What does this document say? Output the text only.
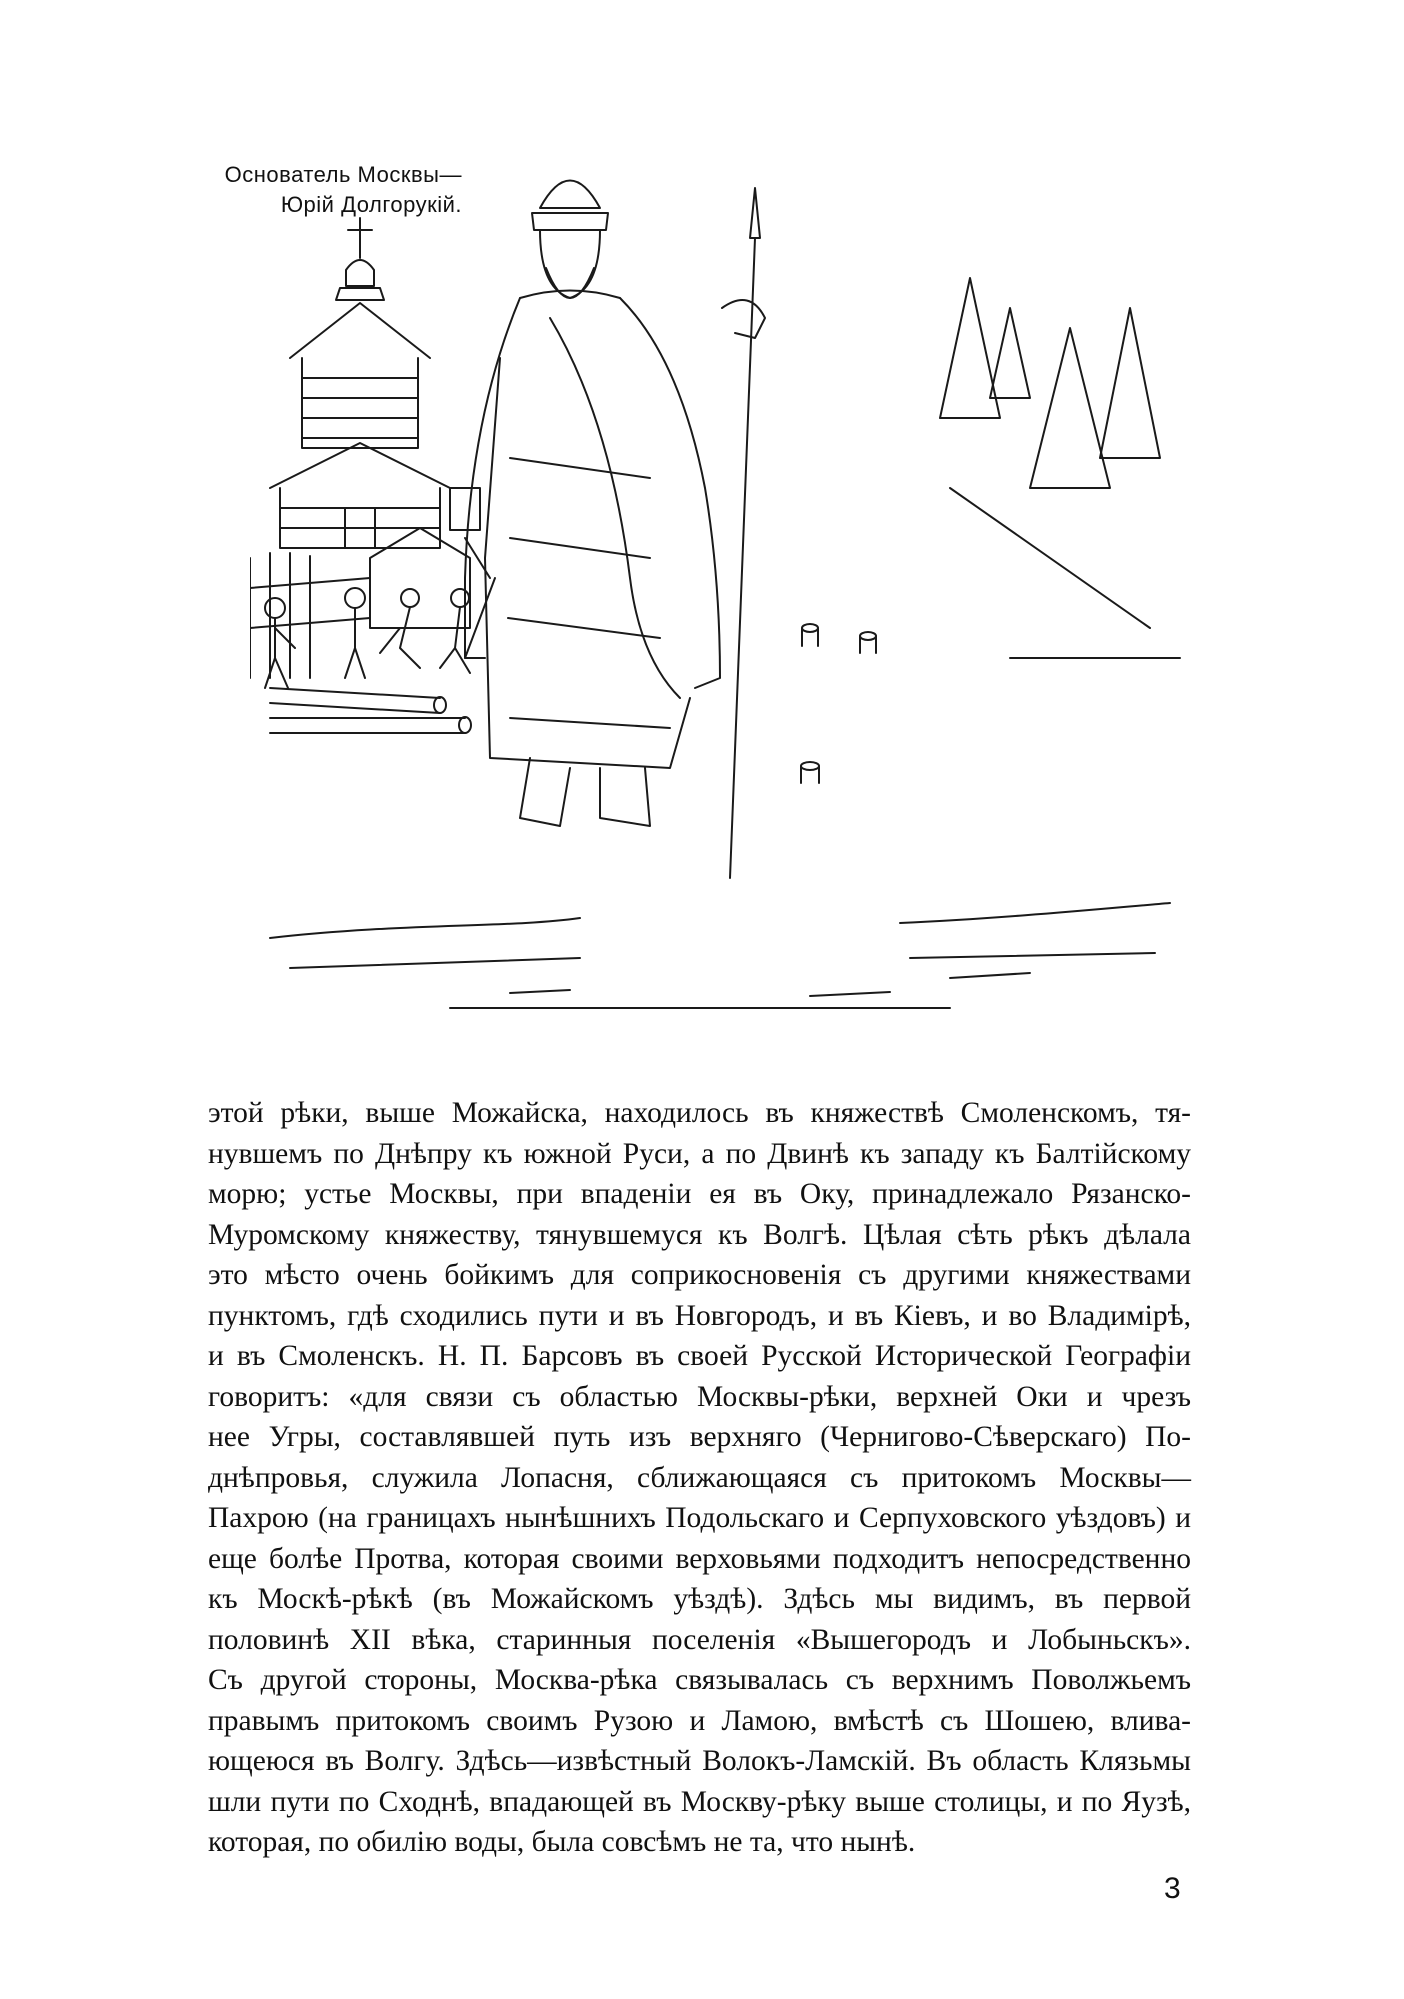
Основатель Москвы—
Юрій Долгорукій.
этой рѣки, выше Можайска, находилось въ княжествѣ Смоленскомъ, тя-
нувшемъ по Днѣпру къ южной Руси, а по Двинѣ къ западу къ Балтійскому
морю; устье Москвы, при впаденіи ея въ Оку, принадлежало Рязанско-
Муромскому княжеству, тянувшемуся къ Волгѣ. Цѣлая сѣть рѣкъ дѣлала
это мѣсто очень бойкимъ для соприкосновенія съ другими княжествами
пунктомъ, гдѣ сходились пути и въ Новгородъ, и въ Кіевъ, и во Владимірѣ,
и въ Смоленскъ. Н. П. Барсовъ въ своей Русской Исторической Географіи
говоритъ: «для связи съ областью Москвы-рѣки, верхней Оки и чрезъ
нее Угры, составлявшей путь изъ верхняго (Черниговo-Сѣверскаго) По-
днѣпровья, служила Лопасня, сближающаяся съ притокомъ Москвы—
Пахрою (на границахъ нынѣшнихъ Подольскаго и Серпуховского уѣздовъ) и
еще болѣе Протва, которая своими верховьями подходитъ непосредственно
къ Москѣ-рѣкѣ (въ Можайскомъ уѣздѣ). Здѣсь мы видимъ, въ первой
половинѣ XII вѣка, старинныя поселенія «Вышегородъ и Лобыньскъ».
Съ другой стороны, Москва-рѣка связывалась съ верхнимъ Поволжьемъ
правымъ притокомъ своимъ Рузою и Ламою, вмѣстѣ съ Шошею, влива-
ющеюся въ Волгу. Здѣсь—извѣстный Волокъ-Ламскій. Въ область Клязьмы
шли пути по Сходнѣ, впадающей въ Москву-рѣку выше столицы, и по Яузѣ,
которая, по обилію воды, была совсѣмъ не та, что нынѣ.
3
